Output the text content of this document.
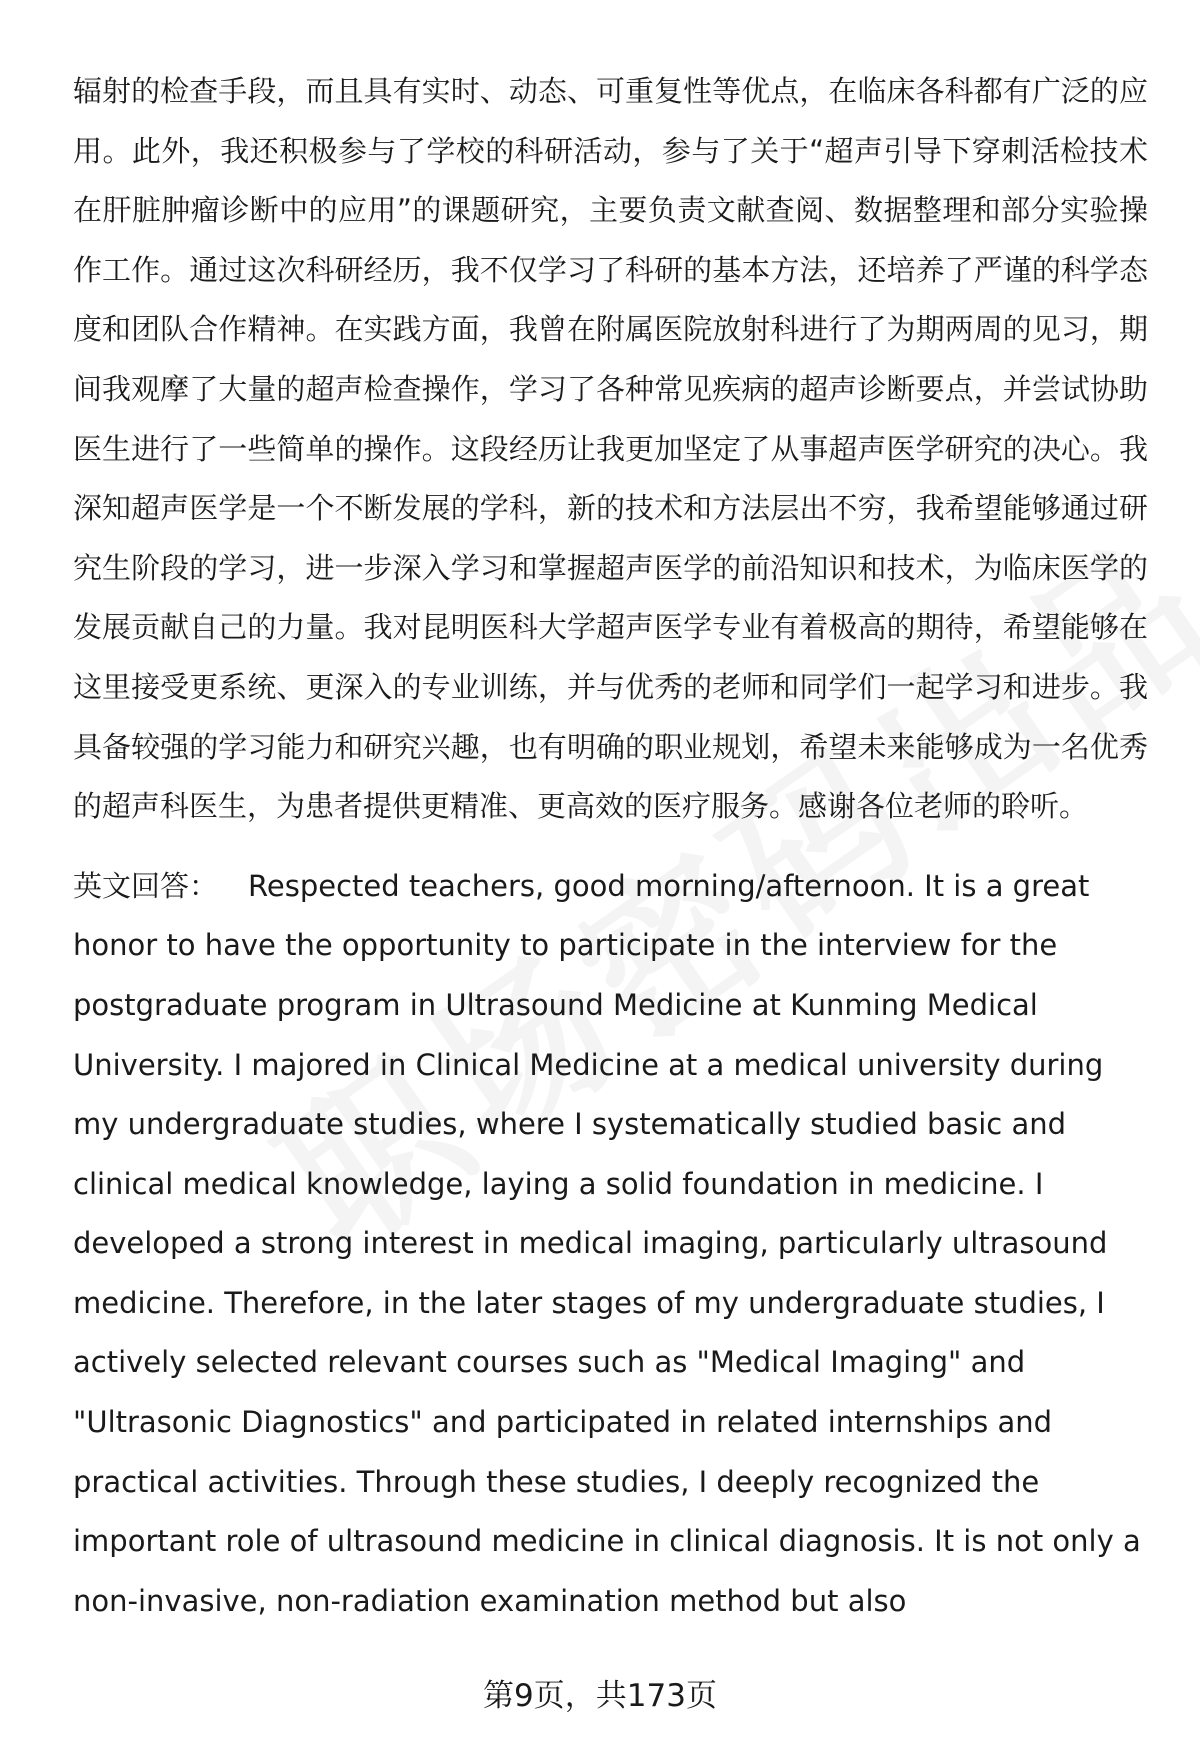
辐射的检查手段，而且具有实时、动态、可重复性等优点，在临床各科都有广泛的应用。此外，我还积极参与了学校的科研活动，参与了关于“超声引导下穿刺活检技术在肝脏肿瘤诊断中的应用”的课题研究，主要负责文献查阅、数据整理和部分实验操作工作。通过这次科研经历，我不仅学习了科研的基本方法，还培养了严谨的科学态度和团队合作精神。在实践方面，我曾在附属医院放射科进行了为期两周的见习，期间我观摩了大量的超声检查操作，学习了各种常见疾病的超声诊断要点，并尝试协助医生进行了一些简单的操作。这段经历让我更加坚定了从事超声医学研究的决心。我深知超声医学是一个不断发展的学科，新的技术和方法层出不穷，我希望能够通过研究生阶段的学习，进一步深入学习和掌握超声医学的前沿知识和技术，为临床医学的发展贡献自己的力量。我对昆明医科大学超声医学专业有着极高的期待，希望能够在这里接受更系统、更深入的专业训练，并与优秀的老师和同学们一起学习和进步。我具备较强的学习能力和研究兴趣，也有明确的职业规划，希望未来能够成为一名优秀的超声科医生，为患者提供更精准、更高效的医疗服务。感谢各位老师的聆听。

英文回答： Respected teachers, good morning/afternoon. It is a great honor to have the opportunity to participate in the interview for the postgraduate program in Ultrasound Medicine at Kunming Medical University. I majored in Clinical Medicine at a medical university during my undergraduate studies, where I systematically studied basic and clinical medical knowledge, laying a solid foundation in medicine. I developed a strong interest in medical imaging, particularly ultrasound medicine. Therefore, in the later stages of my undergraduate studies, I actively selected relevant courses such as "Medical Imaging" and "Ultrasonic Diagnostics" and participated in related internships and practical activities. Through these studies, I deeply recognized the important role of ultrasound medicine in clinical diagnosis. It is not only a non-invasive, non-radiation examination method but also

第9页，共173页
